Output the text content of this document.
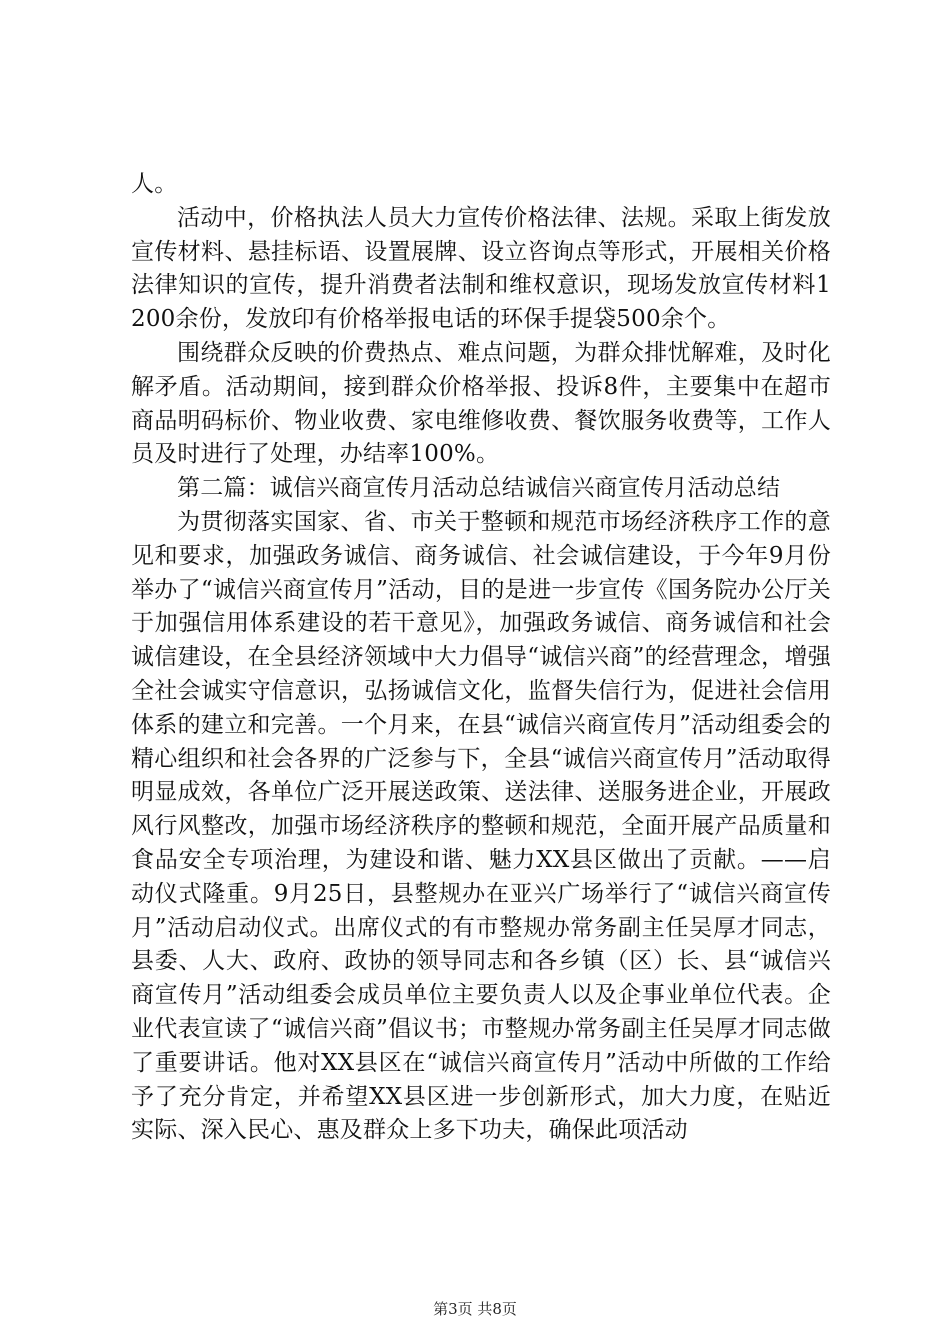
人。

活动中，价格执法人员大力宣传价格法律、法规。采取上街发放宣传材料、悬挂标语、设置展牌、设立咨询点等形式，开展相关价格法律知识的宣传，提升消费者法制和维权意识，现场发放宣传材料1200余份，发放印有价格举报电话的环保手提袋500余个。

围绕群众反映的价费热点、难点问题，为群众排忧解难，及时化解矛盾。活动期间，接到群众价格举报、投诉8件，主要集中在超市商品明码标价、物业收费、家电维修收费、餐饮服务收费等，工作人员及时进行了处理，办结率100%。

第二篇：诚信兴商宣传月活动总结诚信兴商宣传月活动总结

为贯彻落实国家、省、市关于整顿和规范市场经济秩序工作的意见和要求，加强政务诚信、商务诚信、社会诚信建设，于今年9月份举办了“诚信兴商宣传月”活动，目的是进一步宣传《国务院办公厅关于加强信用体系建设的若干意见》，加强政务诚信、商务诚信和社会诚信建设，在全县经济领域中大力倡导“诚信兴商”的经营理念，增强全社会诚实守信意识，弘扬诚信文化，监督失信行为，促进社会信用体系的建立和完善。一个月来，在县“诚信兴商宣传月”活动组委会的精心组织和社会各界的广泛参与下，全县“诚信兴商宣传月”活动取得明显成效，各单位广泛开展送政策、送法律、送服务进企业，开展政风行风整改，加强市场经济秩序的整顿和规范，全面开展产品质量和食品安全专项治理，为建设和谐、魅力XX县区做出了贡献。——启动仪式隆重。9月25日，县整规办在亚兴广场举行了“诚信兴商宣传月”活动启动仪式。出席仪式的有市整规办常务副主任吴厚才同志，县委、人大、政府、政协的领导同志和各乡镇（区）长、县“诚信兴商宣传月”活动组委会成员单位主要负责人以及企事业单位代表。企业代表宣读了“诚信兴商”倡议书；市整规办常务副主任吴厚才同志做了重要讲话。他对XX县区在“诚信兴商宣传月”活动中所做的工作给予了充分肯定，并希望XX县区进一步创新形式，加大力度，在贴近实际、深入民心、惠及群众上多下功夫，确保此项活动

第3页 共8页
